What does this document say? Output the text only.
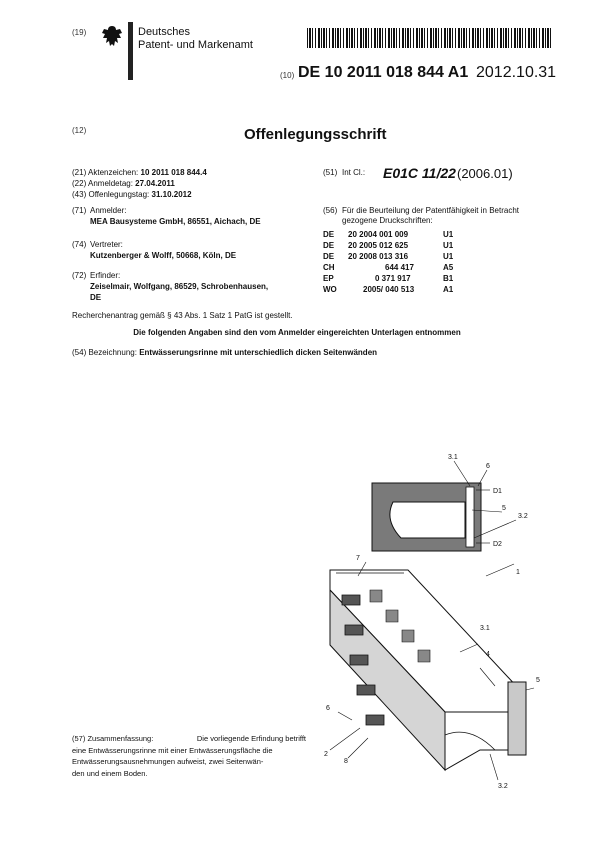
(19)	Deutsches
Patent- und Markenamt
(10) DE 10 2011 018 844 A1 2012.10.31
(12)	Offenlegungsschrift
(21) Aktenzeichen: 10 2011 018 844.4
(22) Anmeldetag: 27.04.2011
(43) Offenlegungstag: 31.10.2012
(51) Int Cl.: E01C 11/22 (2006.01)
(71) Anmelder:
MEA Bausysteme GmbH, 86551, Aichach, DE
(74) Vertreter:
Kutzenberger & Wolff, 50668, Köln, DE
(72) Erfinder:
Zeiselmair, Wolfgang, 86529, Schrobenhausen,
DE
(56) Für die Beurteilung der Patentfähigkeit in Betracht
gezogene Druckschriften:
DE 20 2004 001 009	U1
DE 20 2005 012 625	U1
DE 20 2008 013 316	U1
CH	644 417	A5
EP	0 371 917	B1
WO	2005/ 040 513	A1
Recherchenantrag gemäß § 43 Abs. 1 Satz 1 PatG ist gestellt.
Die folgenden Angaben sind den vom Anmelder eingereichten Unterlagen entnommen
(54) Bezeichnung: Entwässerungsrinne mit unterschiedlich dicken Seitenwänden
3.1
6
D1
5
3.2
D2
7
1
3.1
4
5
6
2
8
3.2
(57) Zusammenfassung:	Die vorliegende Erfindung betrifft
eine Entwässerungsrinne mit einer Entwässerungsfläche die
Entwässerungsausnehmungen aufweist, zwei Seitenwän-
den und einem Boden.
